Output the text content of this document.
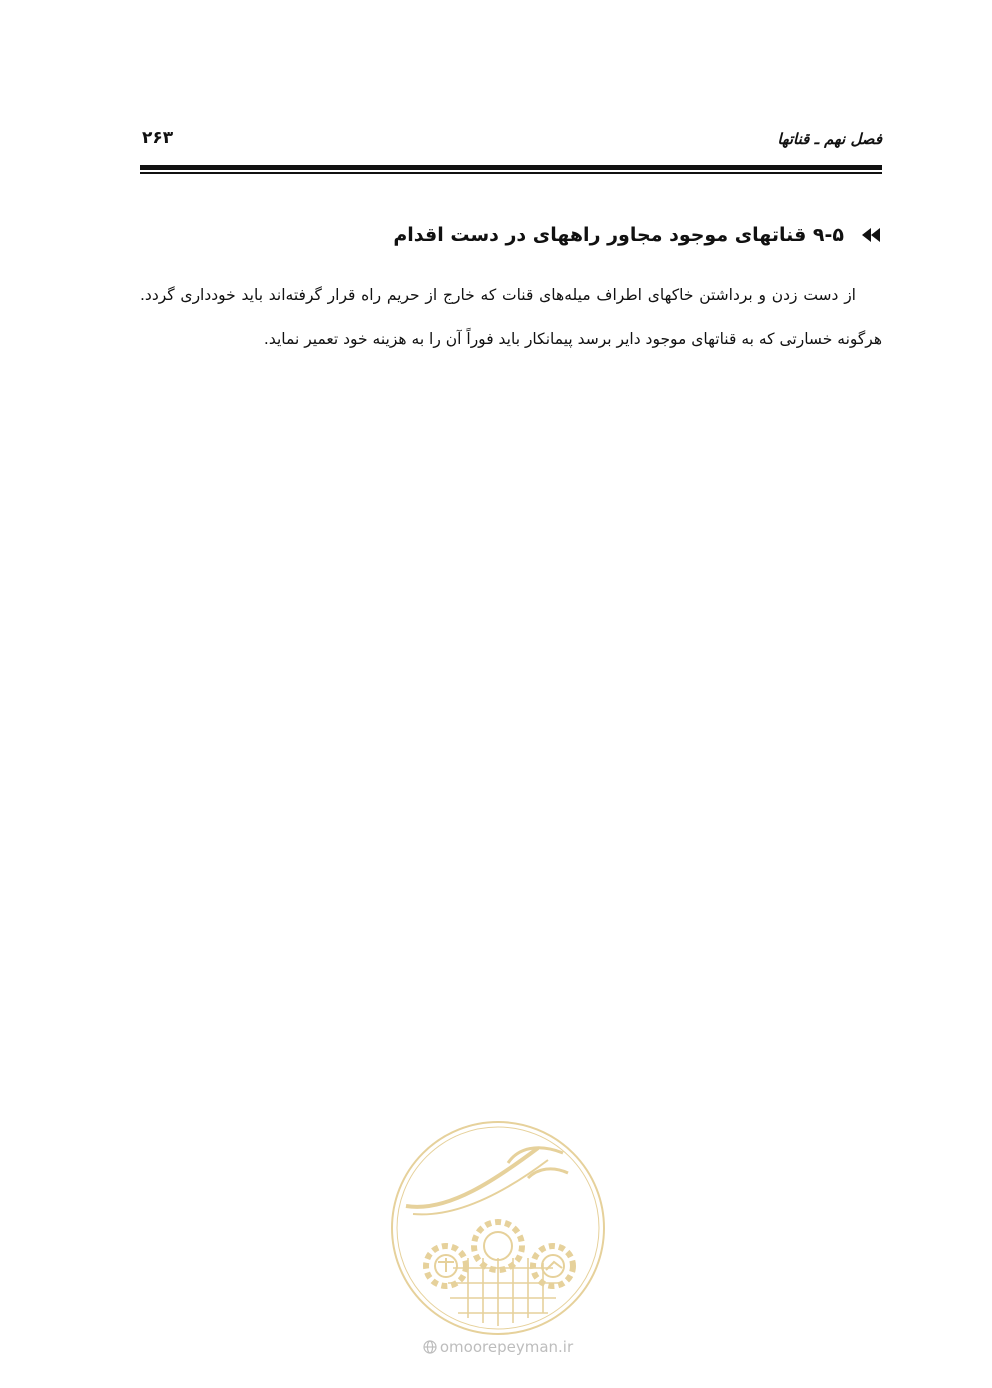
فصل نهم ـ قناتها
۲۶۳
۹-۵ قناتهای موجود مجاور راههای در دست اقدام

از دست زدن و برداشتن خاکهای اطراف میله‌های قنات که خارج از حریم راه قرار گرفته‌اند باید خودداری گردد. هرگونه خسارتی که به قناتهای موجود دایر برسد پیمانکار باید فوراً آن را به هزینه خود تعمیر نماید.

omoorepeyman.ir
